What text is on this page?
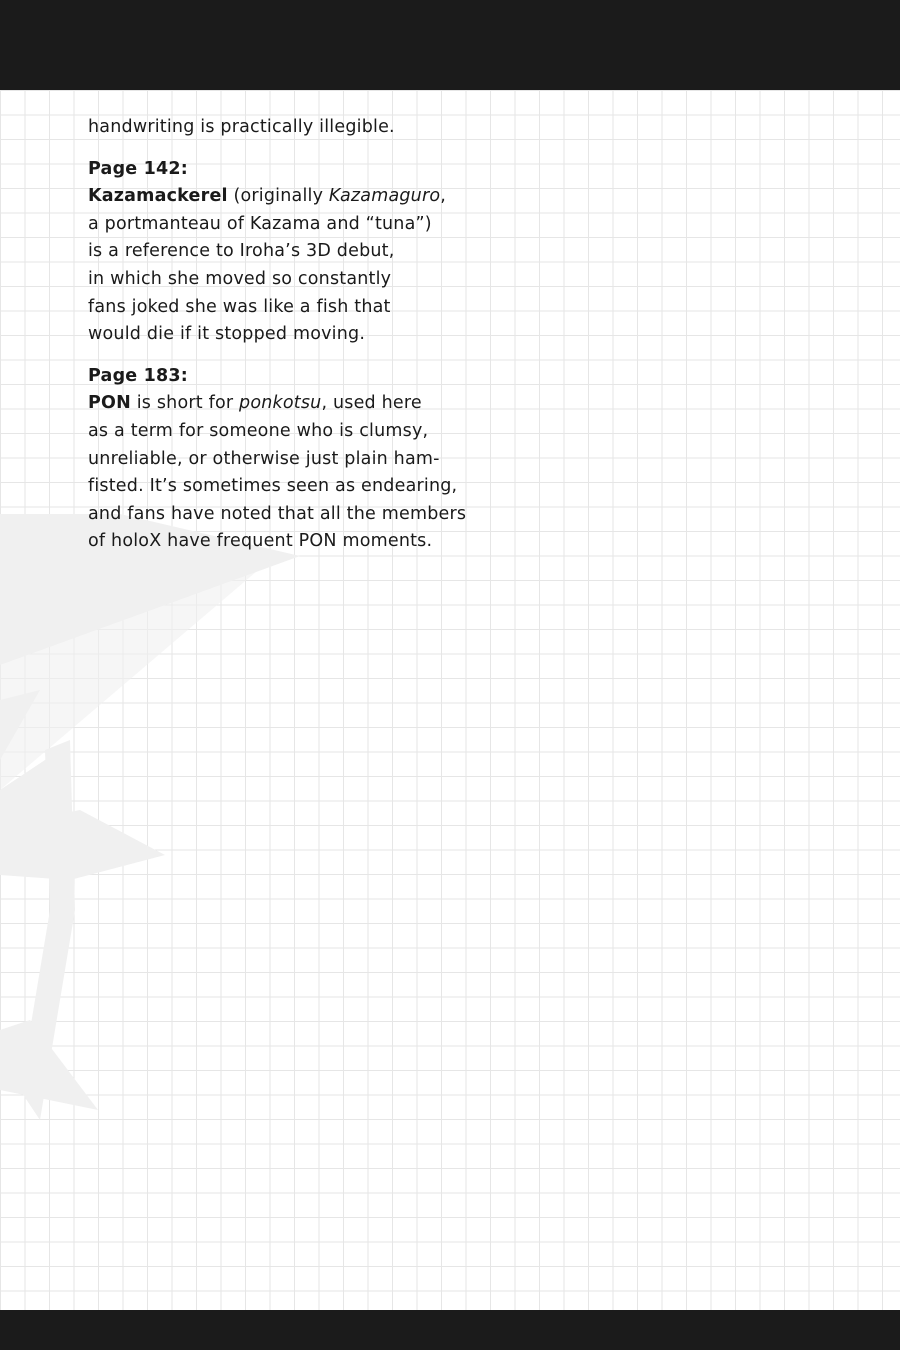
handwriting is practically illegible.

Page 142:

Kazamackerel (originally Kazamaguro,

a portmanteau of Kazama and “tuna”)

is a reference to Iroha’s 3D debut,

in which she moved so constantly

fans joked she was like a fish that

would die if it stopped moving.

Page 183:

PON is short for ponkotsu, used here

as a term for someone who is clumsy,

unreliable, or otherwise just plain ham-

fisted. It’s sometimes seen as endearing,

and fans have noted that all the members

of holoX have frequent PON moments.
